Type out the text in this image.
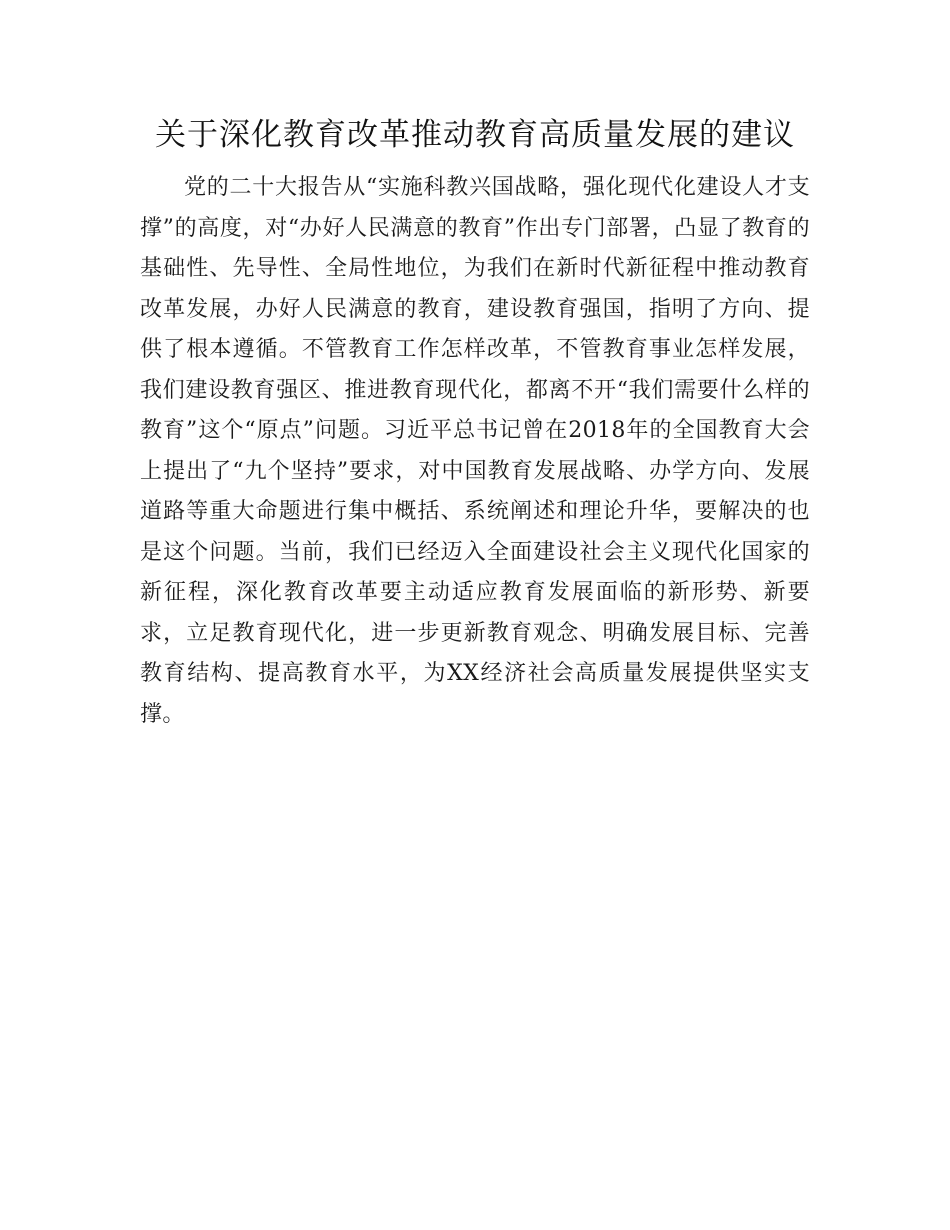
关于深化教育改革推动教育高质量发展的建议

党的二十大报告从“实施科教兴国战略，强化现代化建设人才支撑”的高度，对“办好人民满意的教育”作出专门部署，凸显了教育的基础性、先导性、全局性地位，为我们在新时代新征程中推动教育改革发展，办好人民满意的教育，建设教育强国，指明了方向、提供了根本遵循。不管教育工作怎样改革，不管教育事业怎样发展，我们建设教育强区、推进教育现代化，都离不开“我们需要什么样的教育”这个“原点”问题。习近平总书记曾在2018年的全国教育大会上提出了“九个坚持”要求，对中国教育发展战略、办学方向、发展道路等重大命题进行集中概括、系统阐述和理论升华，要解决的也是这个问题。当前，我们已经迈入全面建设社会主义现代化国家的新征程，深化教育改革要主动适应教育发展面临的新形势、新要求，立足教育现代化，进一步更新教育观念、明确发展目标、完善教育结构、提高教育水平，为XX经济社会高质量发展提供坚实支撑。
